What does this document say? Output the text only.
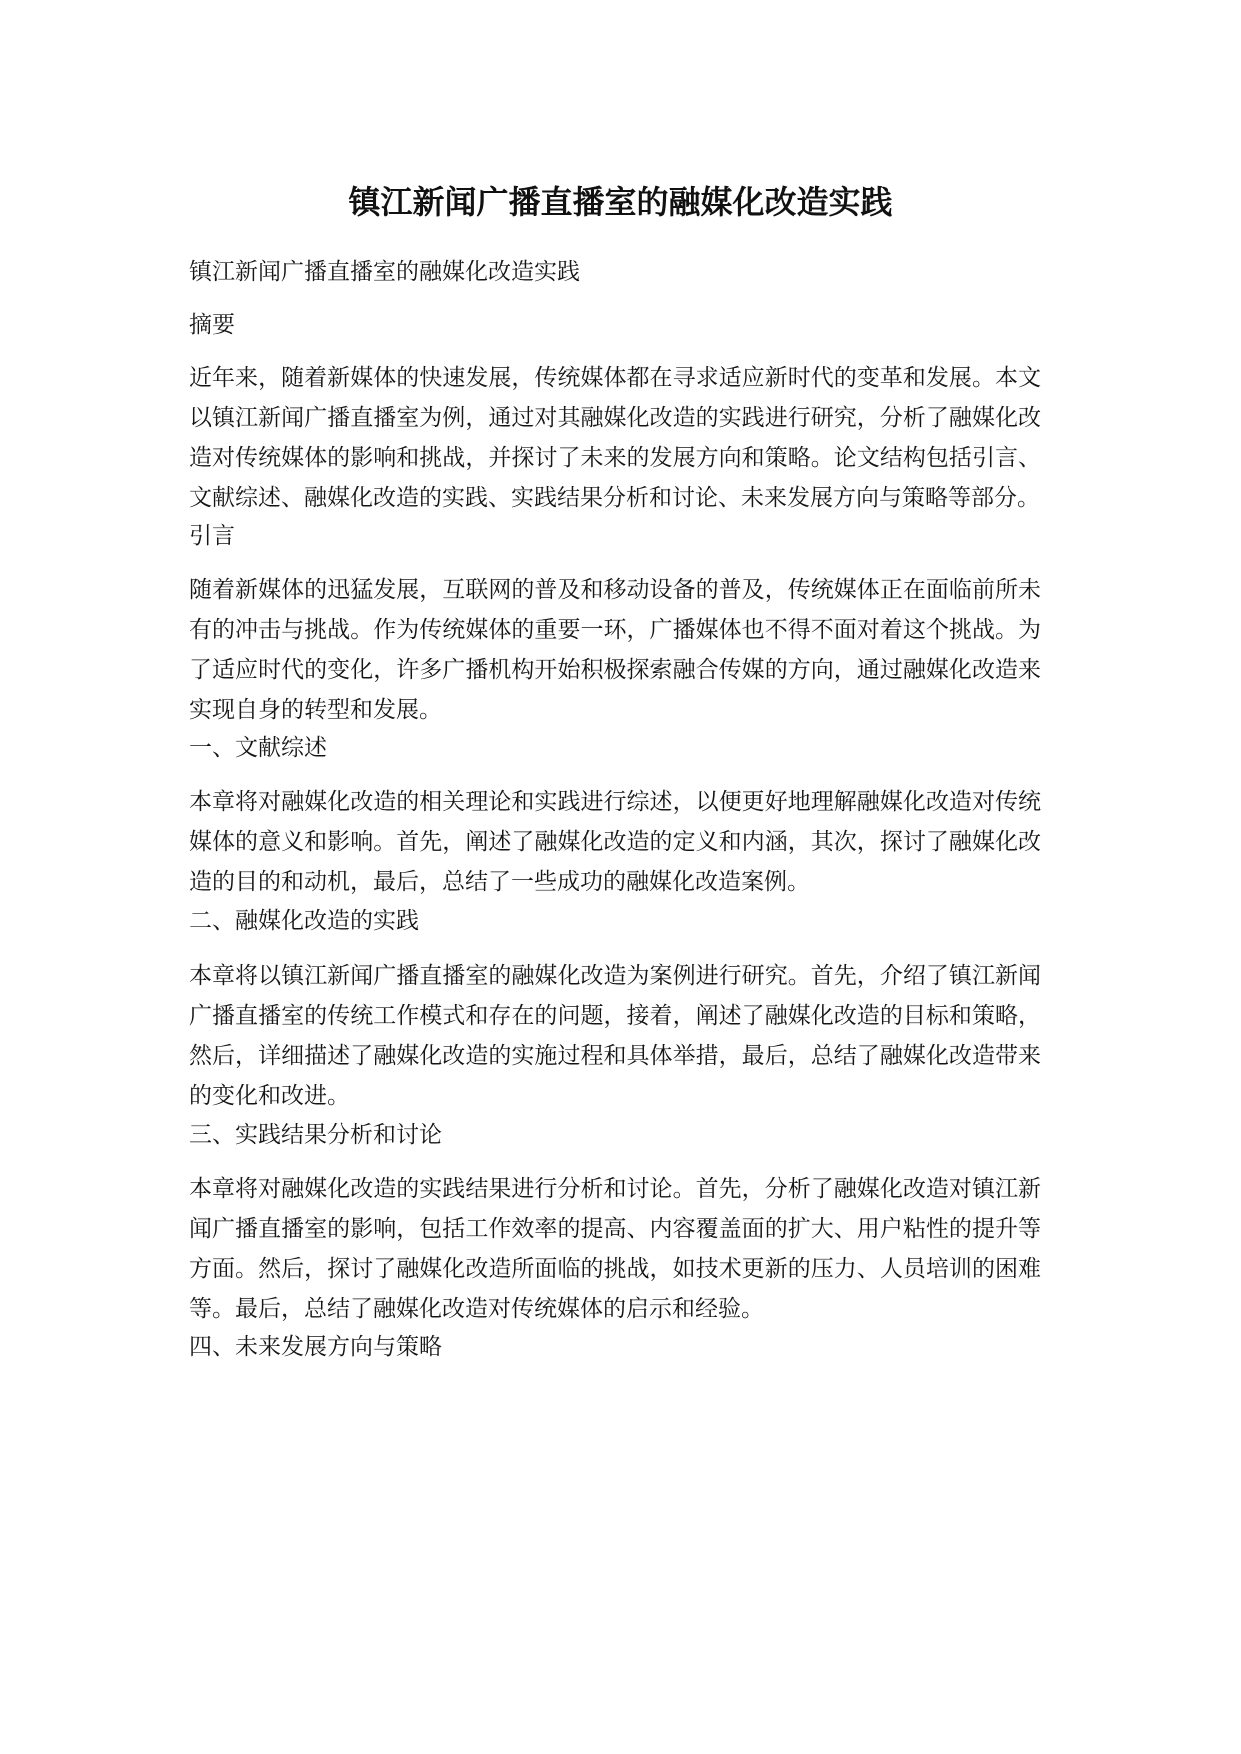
镇江新闻广播直播室的融媒化改造实践

镇江新闻广播直播室的融媒化改造实践

摘要

近年来，随着新媒体的快速发展，传统媒体都在寻求适应新时代的变革和发展。本文以镇江新闻广播直播室为例，通过对其融媒化改造的实践进行研究，分析了融媒化改造对传统媒体的影响和挑战，并探讨了未来的发展方向和策略。论文结构包括引言、文献综述、融媒化改造的实践、实践结果分析和讨论、未来发展方向与策略等部分。

引言

随着新媒体的迅猛发展，互联网的普及和移动设备的普及，传统媒体正在面临前所未有的冲击与挑战。作为传统媒体的重要一环，广播媒体也不得不面对着这个挑战。为了适应时代的变化，许多广播机构开始积极探索融合传媒的方向，通过融媒化改造来实现自身的转型和发展。

一、文献综述

本章将对融媒化改造的相关理论和实践进行综述，以便更好地理解融媒化改造对传统媒体的意义和影响。首先，阐述了融媒化改造的定义和内涵，其次，探讨了融媒化改造的目的和动机，最后，总结了一些成功的融媒化改造案例。

二、融媒化改造的实践

本章将以镇江新闻广播直播室的融媒化改造为案例进行研究。首先，介绍了镇江新闻广播直播室的传统工作模式和存在的问题，接着，阐述了融媒化改造的目标和策略，然后，详细描述了融媒化改造的实施过程和具体举措，最后，总结了融媒化改造带来的变化和改进。

三、实践结果分析和讨论

本章将对融媒化改造的实践结果进行分析和讨论。首先，分析了融媒化改造对镇江新闻广播直播室的影响，包括工作效率的提高、内容覆盖面的扩大、用户粘性的提升等方面。然后，探讨了融媒化改造所面临的挑战，如技术更新的压力、人员培训的困难等。最后，总结了融媒化改造对传统媒体的启示和经验。

四、未来发展方向与策略
